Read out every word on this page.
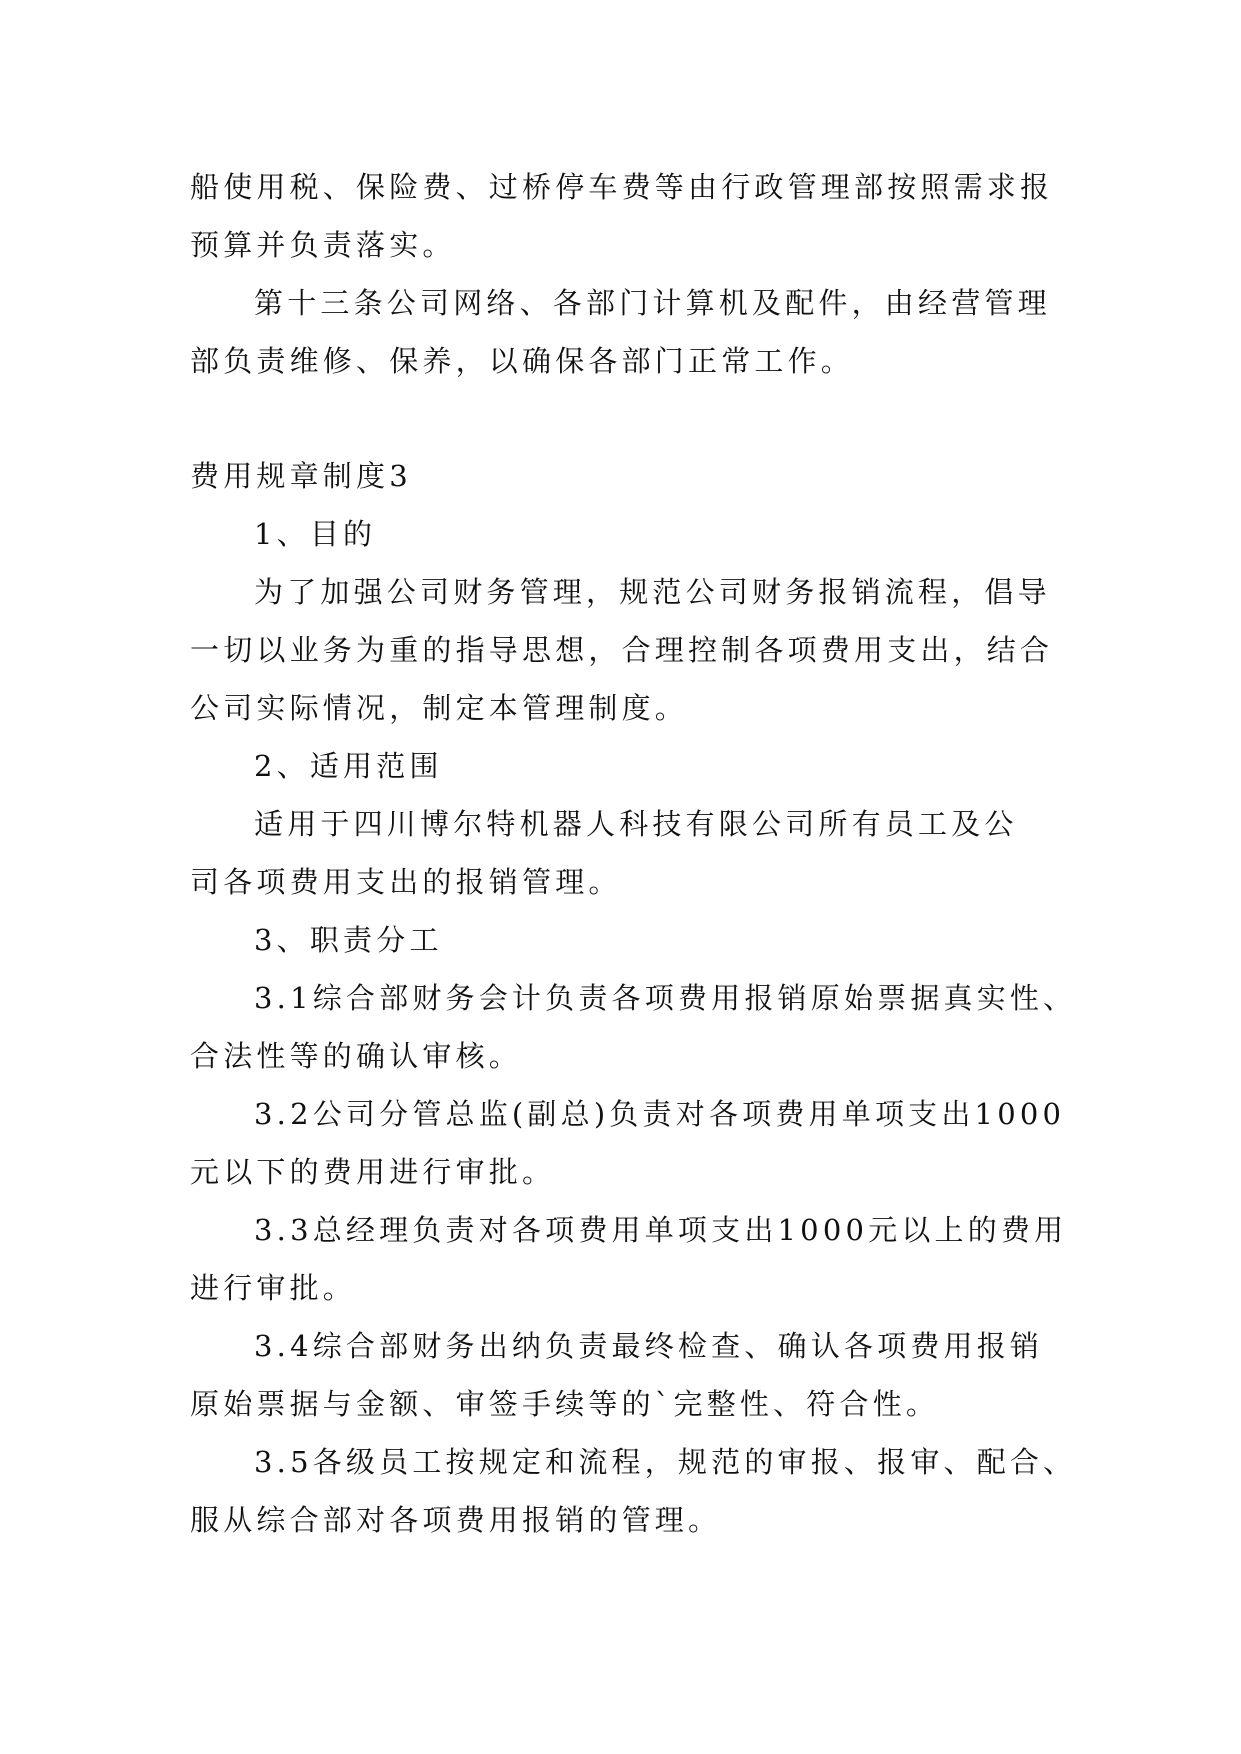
船使用税、保险费、过桥停车费等由行政管理部按照需求报
预算并负责落实。
第十三条公司网络、各部门计算机及配件，由经营管理
部负责维修、保养，以确保各部门正常工作。
费用规章制度3
1、目的
为了加强公司财务管理，规范公司财务报销流程，倡导
一切以业务为重的指导思想，合理控制各项费用支出，结合
公司实际情况，制定本管理制度。
2、适用范围
适用于四川博尔特机器人科技有限公司所有员工及公
司各项费用支出的报销管理。
3、职责分工
3.1综合部财务会计负责各项费用报销原始票据真实性、
合法性等的确认审核。
3.2公司分管总监(副总)负责对各项费用单项支出1000
元以下的费用进行审批。
3.3总经理负责对各项费用单项支出1000元以上的费用
进行审批。
3.4综合部财务出纳负责最终检查、确认各项费用报销
原始票据与金额、审签手续等的`完整性、符合性。
3.5各级员工按规定和流程，规范的审报、报审、配合、
服从综合部对各项费用报销的管理。
